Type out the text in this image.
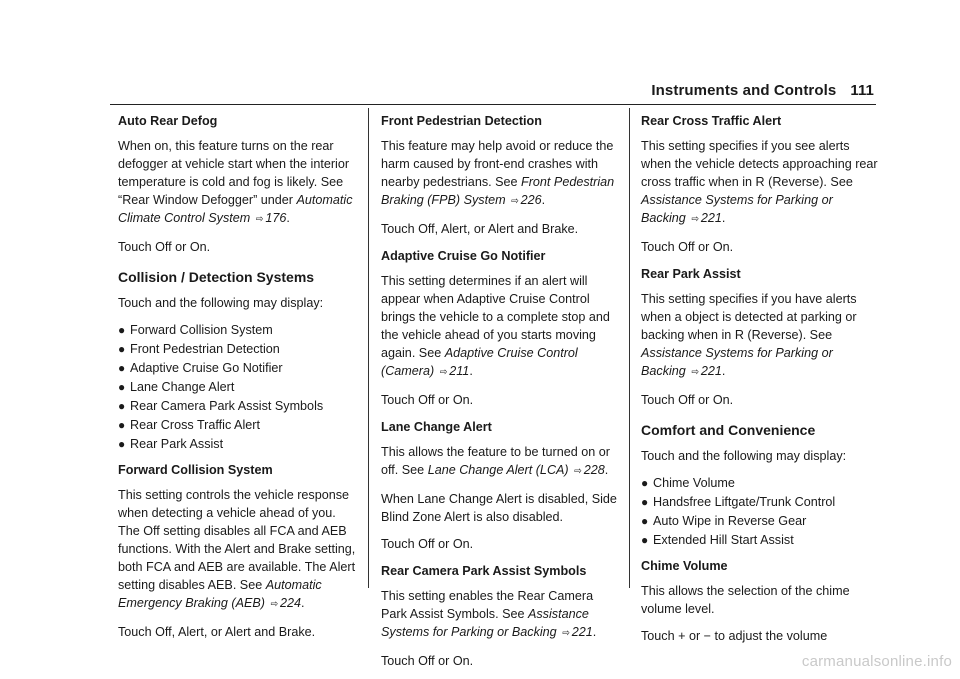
Instruments and Controls 111

Auto Rear Defog

When on, this feature turns on the rear defogger at vehicle start when the interior temperature is cold and fog is likely. See “Rear Window Defogger” under Automatic Climate Control System ⇨ 176.

Touch Off or On.

Collision / Detection Systems

Touch and the following may display:

● Forward Collision System
● Front Pedestrian Detection
● Adaptive Cruise Go Notifier
● Lane Change Alert
● Rear Camera Park Assist Symbols
● Rear Cross Traffic Alert
● Rear Park Assist

Forward Collision System

This setting controls the vehicle response when detecting a vehicle ahead of you. The Off setting disables all FCA and AEB functions. With the Alert and Brake setting, both FCA and AEB are available. The Alert setting disables AEB. See Automatic Emergency Braking (AEB) ⇨ 224.

Touch Off, Alert, or Alert and Brake.

Front Pedestrian Detection

This feature may help avoid or reduce the harm caused by front-end crashes with nearby pedestrians. See Front Pedestrian Braking (FPB) System ⇨ 226.

Touch Off, Alert, or Alert and Brake.

Adaptive Cruise Go Notifier

This setting determines if an alert will appear when Adaptive Cruise Control brings the vehicle to a complete stop and the vehicle ahead of you starts moving again. See Adaptive Cruise Control (Camera) ⇨ 211.

Touch Off or On.

Lane Change Alert

This allows the feature to be turned on or off. See Lane Change Alert (LCA) ⇨ 228.

When Lane Change Alert is disabled, Side Blind Zone Alert is also disabled.

Touch Off or On.

Rear Camera Park Assist Symbols

This setting enables the Rear Camera Park Assist Symbols. See Assistance Systems for Parking or Backing ⇨ 221.

Touch Off or On.

Rear Cross Traffic Alert

This setting specifies if you see alerts when the vehicle detects approaching rear cross traffic when in R (Reverse). See Assistance Systems for Parking or Backing ⇨ 221.

Touch Off or On.

Rear Park Assist

This setting specifies if you have alerts when a object is detected at parking or backing when in R (Reverse). See Assistance Systems for Parking or Backing ⇨ 221.

Touch Off or On.

Comfort and Convenience

Touch and the following may display:

● Chime Volume
● Handsfree Liftgate/Trunk Control
● Auto Wipe in Reverse Gear
● Extended Hill Start Assist

Chime Volume

This allows the selection of the chime volume level.

Touch + or − to adjust the volume

carmanualsonline.info
